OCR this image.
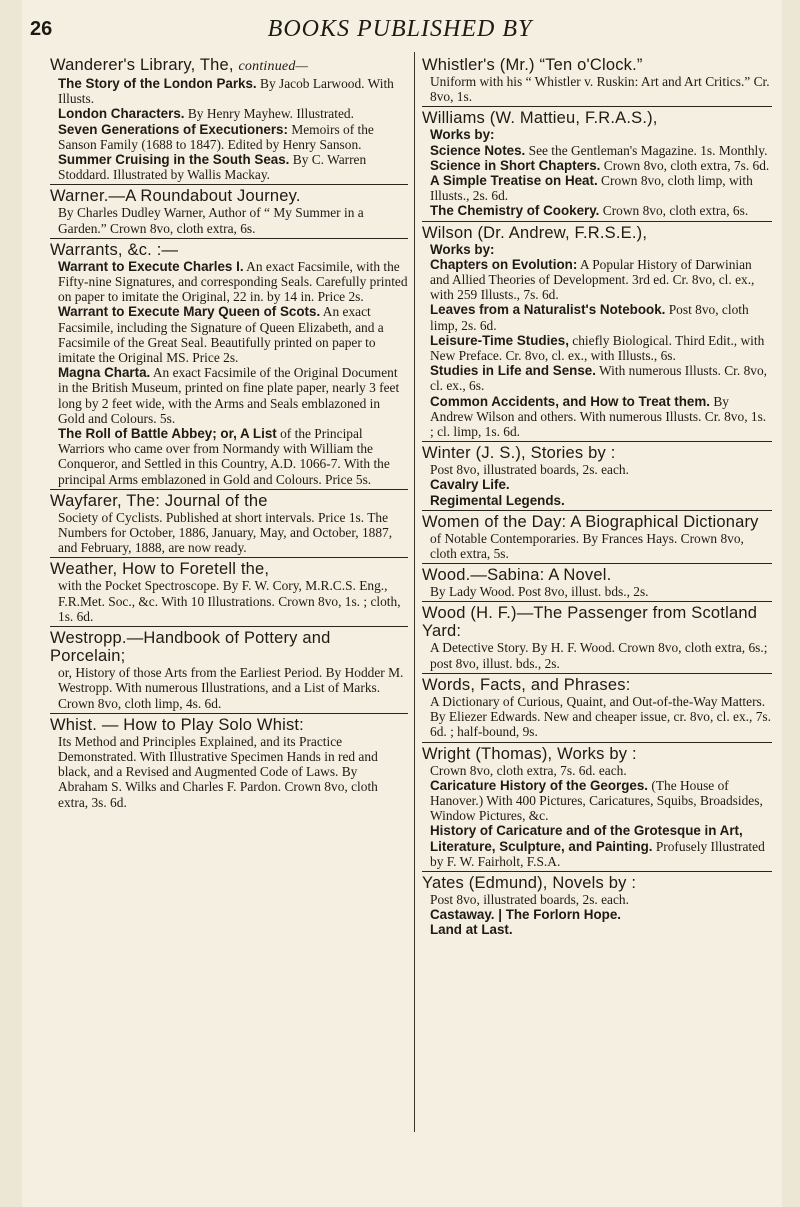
26	BOOKS PUBLISHED BY
Wanderer's Library, The, continued—
The Story of the London Parks. By Jacob Larwood. With Illusts.
London Characters. By Henry Mayhew. Illustrated.
Seven Generations of Executioners: Memoirs of the Sanson Family (1688 to 1847). Edited by Henry Sanson.
Summer Cruising in the South Seas. By C. Warren Stoddard. Illustrated by Wallis Mackay.
Warner.—A Roundabout Journey.
By Charles Dudley Warner, Author of “ My Summer in a Garden.” Crown 8vo, cloth extra, 6s.
Warrants, &c. :—
Warrant to Execute Charles I. An exact Facsimile, with the Fifty-nine Signatures, and corresponding Seals. Carefully printed on paper to imitate the Original, 22 in. by 14 in. Price 2s.
Warrant to Execute Mary Queen of Scots. An exact Facsimile, including the Signature of Queen Elizabeth, and a Facsimile of the Great Seal. Beautifully printed on paper to imitate the Original MS. Price 2s.
Magna Charta. An exact Facsimile of the Original Document in the British Museum, printed on fine plate paper, nearly 3 feet long by 2 feet wide, with the Arms and Seals emblazoned in Gold and Colours. 5s.
The Roll of Battle Abbey; or, A List of the Principal Warriors who came over from Normandy with William the Conqueror, and Settled in this Country, A.D. 1066-7. With the principal Arms emblazoned in Gold and Colours. Price 5s.
Wayfarer, The: Journal of the
Society of Cyclists. Published at short intervals. Price 1s. The Numbers for October, 1886, January, May, and October, 1887, and February, 1888, are now ready.
Weather, How to Foretell the,
with the Pocket Spectroscope. By F. W. Cory, M.R.C.S. Eng., F.R.Met. Soc., &c. With 10 Illustrations. Crown 8vo, 1s. ; cloth, 1s. 6d.
Westropp.—Handbook of Pottery and Porcelain;
or, History of those Arts from the Earliest Period. By Hodder M. Westropp. With numerous Illustrations, and a List of Marks. Crown 8vo, cloth limp, 4s. 6d.
Whist. — How to Play Solo Whist:
Its Method and Principles Explained, and its Practice Demonstrated. With Illustrative Specimen Hands in red and black, and a Revised and Augmented Code of Laws. By Abraham S. Wilks and Charles F. Pardon. Crown 8vo, cloth extra, 3s. 6d.
Whistler's (Mr.) “Ten o'Clock.”
Uniform with his “ Whistler v. Ruskin: Art and Art Critics.” Cr. 8vo, 1s.
Williams (W. Mattieu, F.R.A.S.),
Works by:
Science Notes. See the Gentleman's Magazine. 1s. Monthly.
Science in Short Chapters. Crown 8vo, cloth extra, 7s. 6d.
A Simple Treatise on Heat. Crown 8vo, cloth limp, with Illusts., 2s. 6d.
The Chemistry of Cookery. Crown 8vo, cloth extra, 6s.
Wilson (Dr. Andrew, F.R.S.E.),
Works by:
Chapters on Evolution: A Popular History of Darwinian and Allied Theories of Development. 3rd ed. Cr. 8vo, cl. ex., with 259 Illusts., 7s. 6d.
Leaves from a Naturalist's Notebook. Post 8vo, cloth limp, 2s. 6d.
Leisure-Time Studies, chiefly Biological. Third Edit., with New Preface. Cr. 8vo, cl. ex., with Illusts., 6s.
Studies in Life and Sense. With numerous Illusts. Cr. 8vo, cl. ex., 6s.
Common Accidents, and How to Treat them. By Andrew Wilson and others. With numerous Illusts. Cr. 8vo, 1s. ; cl. limp, 1s. 6d.
Winter (J. S.), Stories by :
Post 8vo, illustrated boards, 2s. each.
Cavalry Life.
Regimental Legends.
Women of the Day: A Biographical Dictionary
of Notable Contemporaries. By Frances Hays. Crown 8vo, cloth extra, 5s.
Wood.—Sabina: A Novel.
By Lady Wood. Post 8vo, illust. bds., 2s.
Wood (H. F.)—The Passenger from Scotland Yard:
A Detective Story. By H. F. Wood. Crown 8vo, cloth extra, 6s.; post 8vo, illust. bds., 2s.
Words, Facts, and Phrases:
A Dictionary of Curious, Quaint, and Out-of-the-Way Matters. By Eliezer Edwards. New and cheaper issue, cr. 8vo, cl. ex., 7s. 6d. ; half-bound, 9s.
Wright (Thomas), Works by :
Crown 8vo, cloth extra, 7s. 6d. each.
Caricature History of the Georges. (The House of Hanover.) With 400 Pictures, Caricatures, Squibs, Broadsides, Window Pictures, &c.
History of Caricature and of the Grotesque in Art, Literature, Sculpture, and Painting. Profusely Illustrated by F. W. Fairholt, F.S.A.
Yates (Edmund), Novels by :
Post 8vo, illustrated boards, 2s. each.
Castaway. | The Forlorn Hope.
Land at Last.
